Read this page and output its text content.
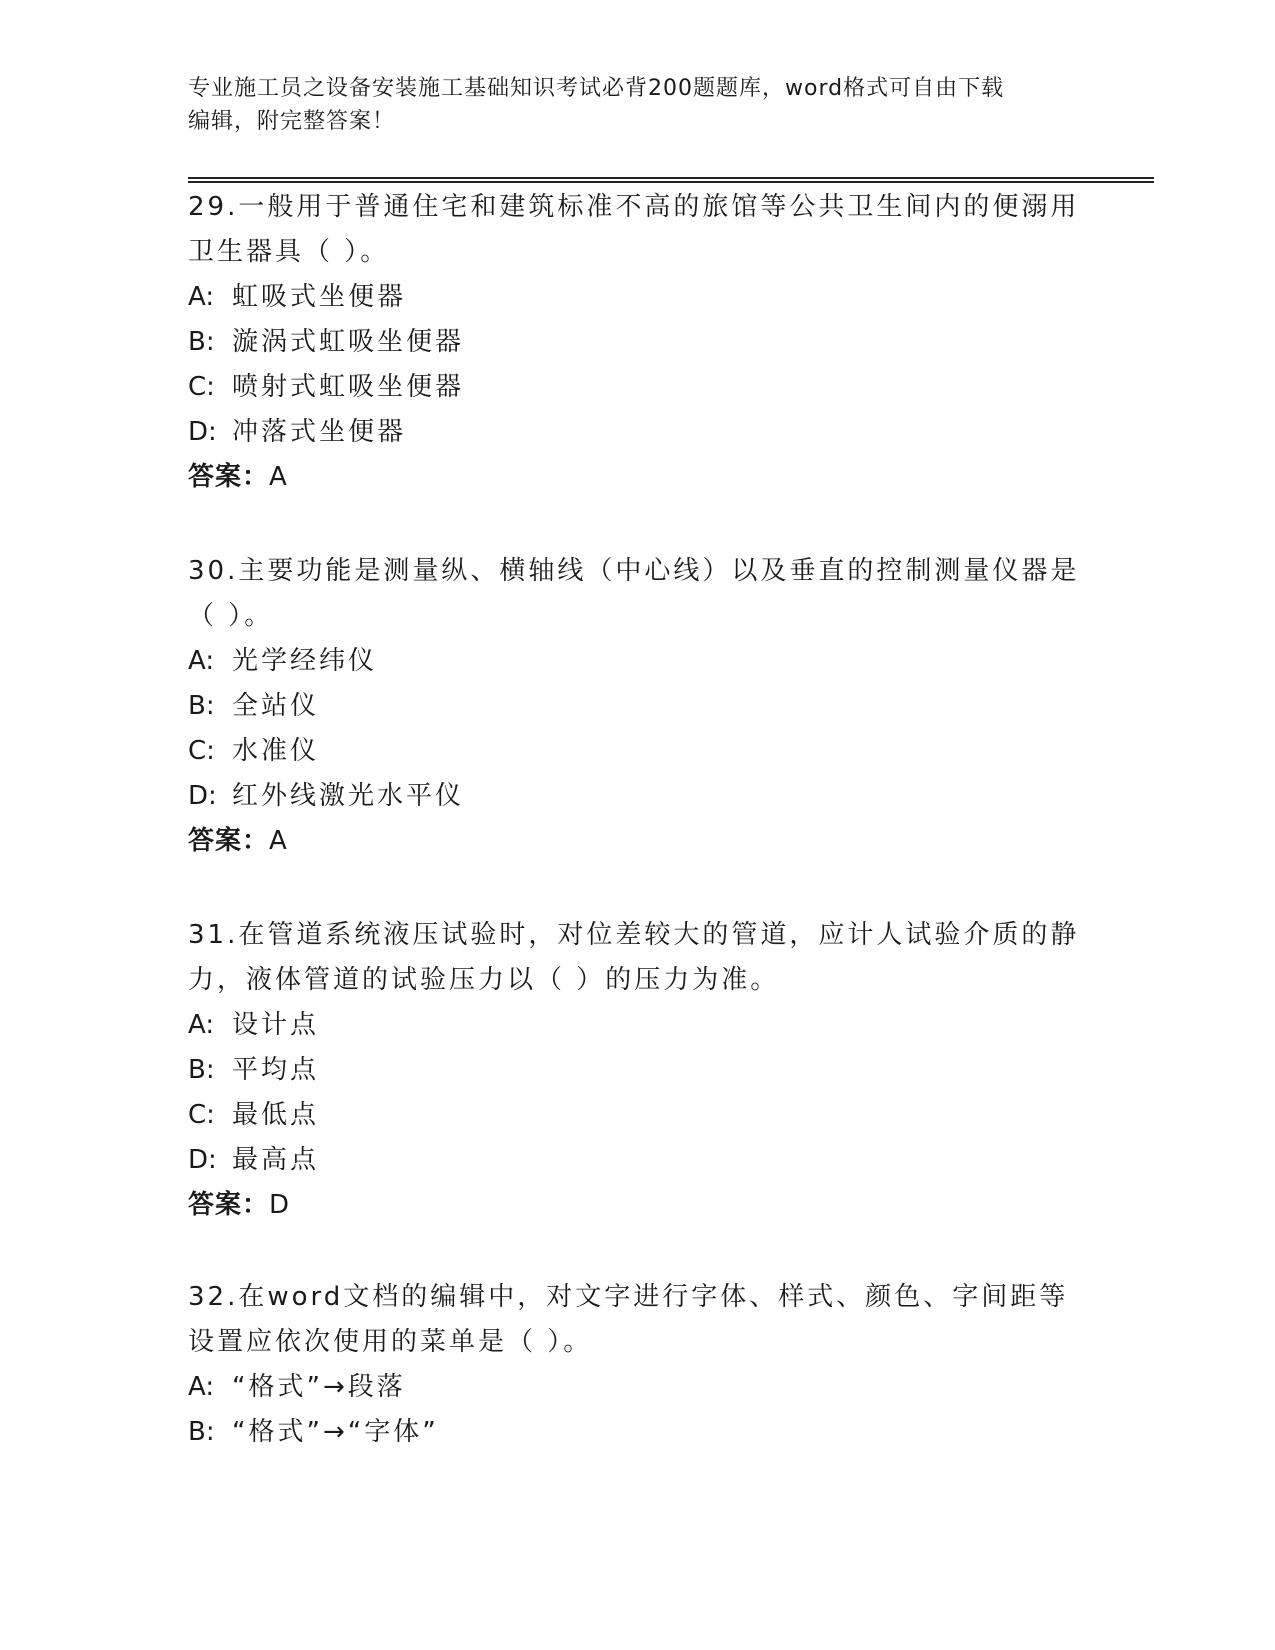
专业施工员之设备安装施工基础知识考试必背200题题库，word格式可自由下载
编辑，附完整答案！

29.一般用于普通住宅和建筑标准不高的旅馆等公共卫生间内的便溺用

卫生器具（ ）。

A: 虹吸式坐便器

B: 漩涡式虹吸坐便器

C: 喷射式虹吸坐便器

D: 冲落式坐便器

答案：A

30.主要功能是测量纵、横轴线（中心线）以及垂直的控制测量仪器是

（ ）。

A: 光学经纬仪

B: 全站仪

C: 水准仪

D: 红外线激光水平仪

答案：A

31.在管道系统液压试验时，对位差较大的管道，应计人试验介质的静

力，液体管道的试验压力以（ ）的压力为准。

A: 设计点

B: 平均点

C: 最低点

D: 最高点

答案：D

32.在word文档的编辑中，对文字进行字体、样式、颜色、字间距等

设置应依次使用的菜单是（ ）。

A: “格式”→段落

B: “格式”→“字体”
